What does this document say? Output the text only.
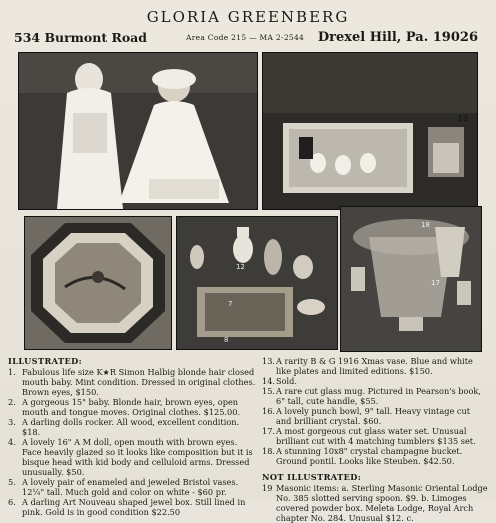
GLORIA GREENBERG
534 Burmont Road	Area Code 215 — MA 2-2544 Drexel Hill, Pa. 19026
19
12
7
18
17
8
ILLUSTRATED:
1. Fabulous life size K★R Simon Halbig blonde hair closed mouth baby. Mint condition. Dressed in original clothes. Brown eyes, $150.
2. A gorgeous 15" baby. Blonde hair, brown eyes, open mouth and tongue moves. Original clothes. $125.00.
3. A darling dolls rocker. All wood, excellent condition. $18.
4. A lovely 16" A M doll, open mouth with brown eyes. Face heavily glazed so it looks like composition but it is bisque head with kid body and celluloid arms. Dressed unusually. $50.
5. A lovely pair of enameled and jeweled Bristol vases. 12¼" tall. Much gold and color on white - $60 pr.
6. A darling Art Nouveau shaped jewel box. Still lined in pink. Gold is in good condition $22.50
13. A rarity B & G 1916 Xmas vase. Blue and white like plates and limited editions. $150.
14. Sold.
15. A rare cut glass mug. Pictured in Pearson's book, 6" tall, cute handle, $55.
16. A lovely punch bowl, 9" tall. Heavy vintage cut and brilliant crystal. $60.
17. A most gorgeous cut glass water set. Unusual brilliant cut with 4 matching tumblers $135 set.
18. A stunning 10x8" crystal champagne bucket. Ground pontil. Looks like Steuben. $42.50.
NOT ILLUSTRATED:
19 Masonic items: a. Sterling Masonic Oriental Lodge No. 385 slotted serving spoon. $9. b. Limoges covered powder box. Meleta Lodge, Royal Arch chapter No. 284. Unusual $12. c.
